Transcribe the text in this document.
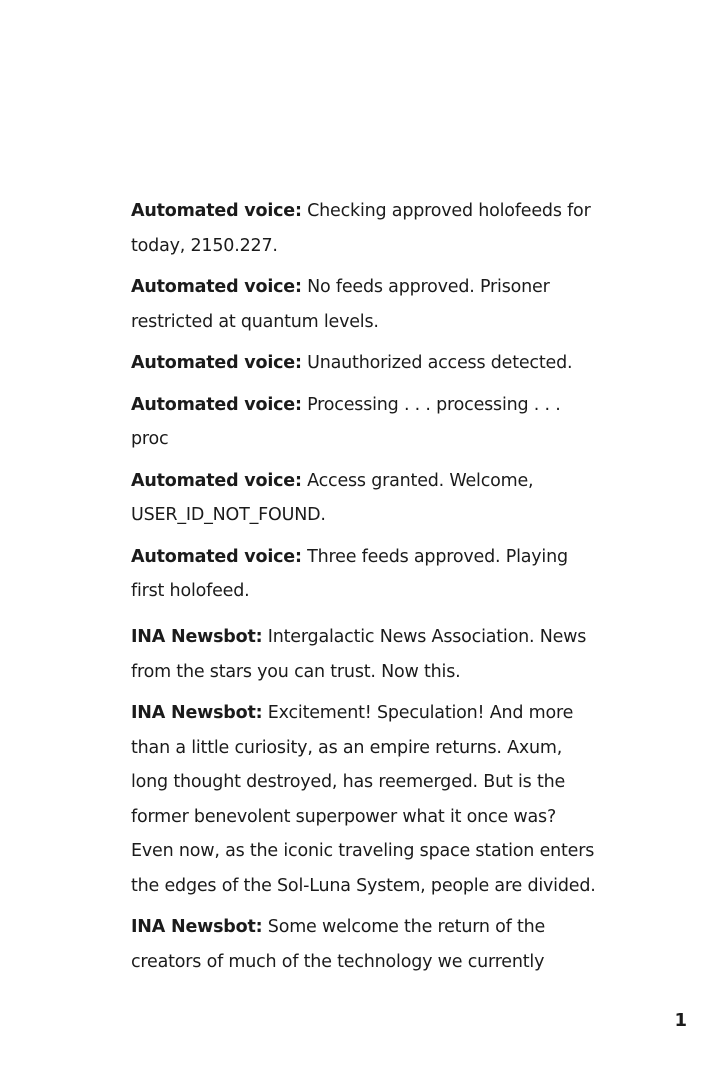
Automated voice: Checking approved holofeeds for today, 2150.227.

Automated voice: No feeds approved. Prisoner restricted at quantum levels.

Automated voice: Unauthorized access detected.

Automated voice: Processing . . . processing . . . proc

Automated voice: Access granted. Welcome, USER_ID_NOT_FOUND.

Automated voice: Three feeds approved. Playing first holofeed.

INA Newsbot: Intergalactic News Association. News from the stars you can trust. Now this.

INA Newsbot: Excitement! Speculation! And more than a little curiosity, as an empire returns. Axum, long thought destroyed, has reemerged. But is the former benevolent superpower what it once was? Even now, as the iconic traveling space station enters the edges of the Sol-Luna System, people are divided.

INA Newsbot: Some welcome the return of the creators of much of the technology we currently

1
